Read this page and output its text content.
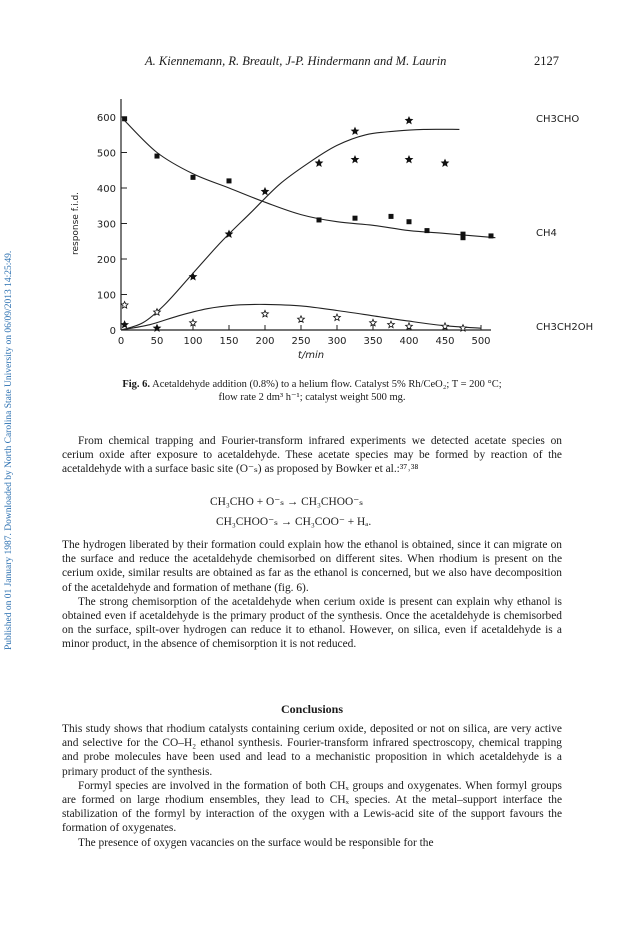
Published on 01 January 1987. Downloaded by North Carolina State University on 06/09/2013 14:25:49.
A. Kiennemann, R. Breault, J-P. Hindermann and M. Laurin	2127
0	50 100 150 200 250 300 350 400 450 500
0
100
200
300
400
500
600
response f.i.d.
t/min
CH3CHO
CH4
CH3CH2OH
Fig. 6. Acetaldehyde addition (0.8%) to a helium flow. Catalyst 5% Rh/CeO₂; T = 200 °C;
flow rate 2 dm³ h⁻¹; catalyst weight 500 mg.

From chemical trapping and Fourier-transform infrared experiments we detected acetate species on cerium oxide after exposure to acetaldehyde. These acetate species may be formed by reaction of the acetaldehyde with a surface basic site (O⁻ₛ) as proposed by Bowker et al.:³⁷˒³⁸

CH₃CHO + O⁻ₛ → CH₃CHOO⁻ₛ
CH₃CHOO⁻ₛ → CH₃COO⁻ + Hₐ.

The hydrogen liberated by their formation could explain how the ethanol is obtained, since it can migrate on the surface and reduce the acetaldehyde chemisorbed on different sites. When rhodium is present on the cerium oxide, similar results are obtained as far as the ethanol is concerned, but we also have decomposition of the acetaldehyde and formation of methane (fig. 6).

The strong chemisorption of the acetaldehyde when cerium oxide is present can explain why ethanol is obtained even if acetaldehyde is the primary product of the synthesis. Once the acetaldehyde is chemisorbed on the surface, spilt-over hydrogen can reduce it to ethanol. However, on silica, even if acetaldehyde is a minor product, in the absence of chemisorption it is not reduced.

Conclusions

This study shows that rhodium catalysts containing cerium oxide, deposited or not on silica, are very active and selective for the CO–H₂ ethanol synthesis. Fourier-transform infrared spectroscopy, chemical trapping and probe molecules have been used and lead to a mechanistic proposition in which acetaldehyde is a primary product of the synthesis.

Formyl species are involved in the formation of both CHₓ groups and oxygenates. When formyl groups are formed on large rhodium ensembles, they lead to CHₓ species. At the metal–support interface the stabilization of the formyl by interaction of the oxygen with a Lewis-acid site of the support favours the formation of oxygenates.

The presence of oxygen vacancies on the surface would be responsible for the
